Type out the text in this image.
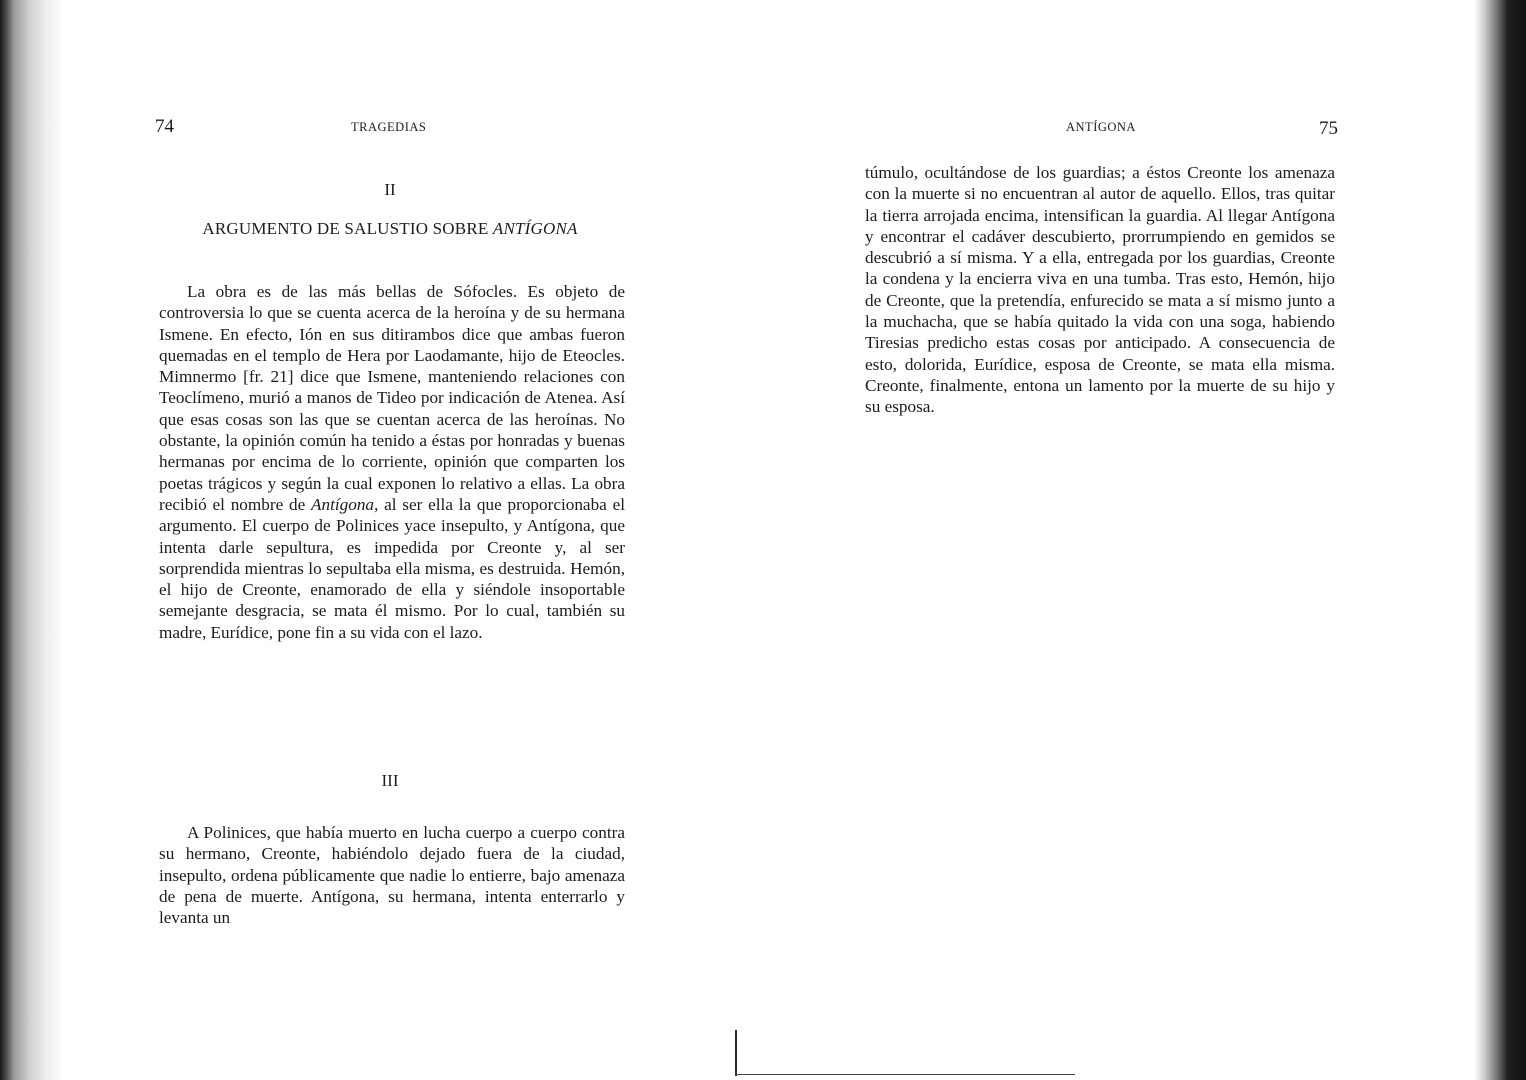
74	TRAGEDIAS
II
ARGUMENTO DE SALUSTIO SOBRE ANTÍGONA

La obra es de las más bellas de Sófocles. Es objeto de controversia lo que se cuenta acerca de la heroína y de su hermana Ismene. En efecto, Ión en sus ditirambos dice que ambas fueron quemadas en el templo de Hera por Laodamante, hijo de Eteocles. Mimnermo [fr. 21] dice que Ismene, manteniendo relaciones con Teoclímeno, murió a manos de Tideo por indicación de Atenea. Así que esas cosas son las que se cuentan acerca de las heroínas. No obstante, la opinión común ha tenido a éstas por honradas y buenas hermanas por encima de lo corriente, opinión que comparten los poetas trágicos y según la cual exponen lo relativo a ellas. La obra recibió el nombre de Antígona, al ser ella la que proporcionaba el argumento. El cuerpo de Polinices yace insepulto, y Antígona, que intenta darle sepultura, es impedida por Creonte y, al ser sorprendida mientras lo sepultaba ella misma, es destruida. Hemón, el hijo de Creonte, enamorado de ella y siéndole insoportable semejante desgracia, se mata él mismo. Por lo cual, también su madre, Eurídice, pone fin a su vida con el lazo.

III

A Polinices, que había muerto en lucha cuerpo a cuerpo contra su hermano, Creonte, habiéndolo dejado fuera de la ciudad, insepulto, ordena públicamente que nadie lo entierre, bajo amenaza de pena de muerte. Antígona, su hermana, intenta enterrarlo y levanta un

ANTÍGONA	75

túmulo, ocultándose de los guardias; a éstos Creonte los amenaza con la muerte si no encuentran al autor de aquello. Ellos, tras quitar la tierra arrojada encima, intensifican la guardia. Al llegar Antígona y encontrar el cadáver descubierto, prorrumpiendo en gemidos se descubrió a sí misma. Y a ella, entregada por los guardias, Creonte la condena y la encierra viva en una tumba. Tras esto, Hemón, hijo de Creonte, que la pretendía, enfurecido se mata a sí mismo junto a la muchacha, que se había quitado la vida con una soga, habiendo Tiresias predicho estas cosas por anticipado. A consecuencia de esto, dolorida, Eurídice, esposa de Creonte, se mata ella misma. Creonte, finalmente, entona un lamento por la muerte de su hijo y su esposa.
